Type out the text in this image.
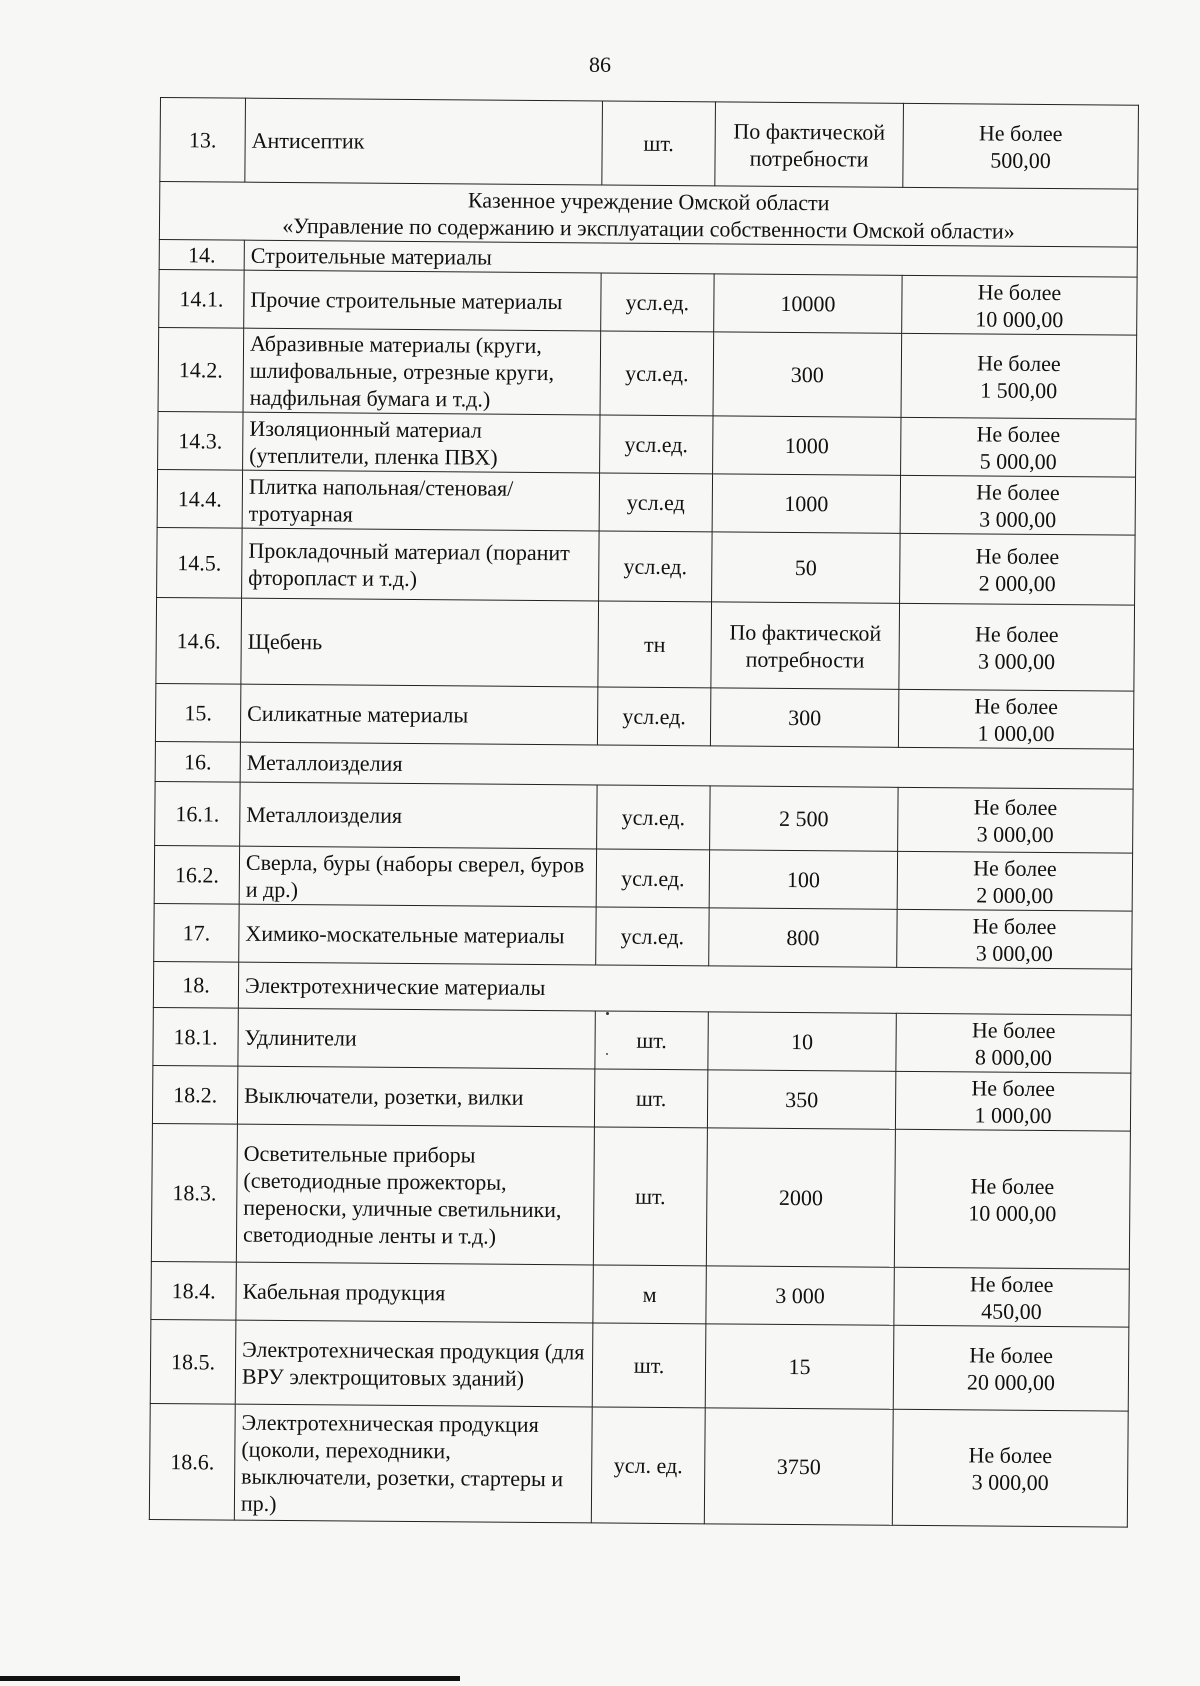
86
13.	Антисептик	шт.	По фактической потребности	Не более
500,00

Казенное учреждение Омской области
«Управление по содержанию и эксплуатации собственности Омской области»				

14.	Строительные материалы			
14.1.	Прочие строительные материалы	усл.ед.	10000	Не более
10 000,00

14.2.	Абразивные материалы (круги, шлифовальные, отрезные круги, надфильная бумага и т.д.)	усл.ед.	300	Не более
1 500,00

14.3.	Изоляционный материал (утеплители, пленка ПВХ)	усл.ед.	1000	Не более
5 000,00

14.4.	Плитка напольная/стеновая/тротуарная	усл.ед	1000	Не более
3 000,00

14.5.	Прокладочный материал (поранит фторопласт и т.д.)	усл.ед.	50	Не более
2 000,00

14.6.	Щебень	тн	По фактической потребности	Не более
3 000,00

15.	Силикатные материалы	усл.ед.	300	Не более
1 000,00

16.	Металлоизделия			
16.1.	Металлоизделия	усл.ед.	2 500	Не более
3 000,00

16.2.	Сверла, буры (наборы сверел, буров и др.)	усл.ед.	100	Не более
2 000,00

17.	Химико-москательные материалы	усл.ед.	800	Не более
3 000,00

18.	Электротехнические материалы			
18.1.	Удлинители	шт.	10	Не более
8 000,00

18.2.	Выключатели, розетки, вилки	шт.	350	Не более
1 000,00

18.3.	Осветительные приборы (светодиодные прожекторы, переноски, уличные светильники, светодиодные ленты и т.д.)	шт.	2000	Не более
10 000,00

18.4.	Кабельная продукция	м	3 000	Не более
450,00

18.5.	Электротехническая продукция (для ВРУ электрощитовых зданий)	шт.	15	Не более
20 000,00

18.6.	Электротехническая продукция (цоколи, переходники, выключатели, розетки, стартеры и пр.)	усл. ед.	3750	Не более
3 000,00
